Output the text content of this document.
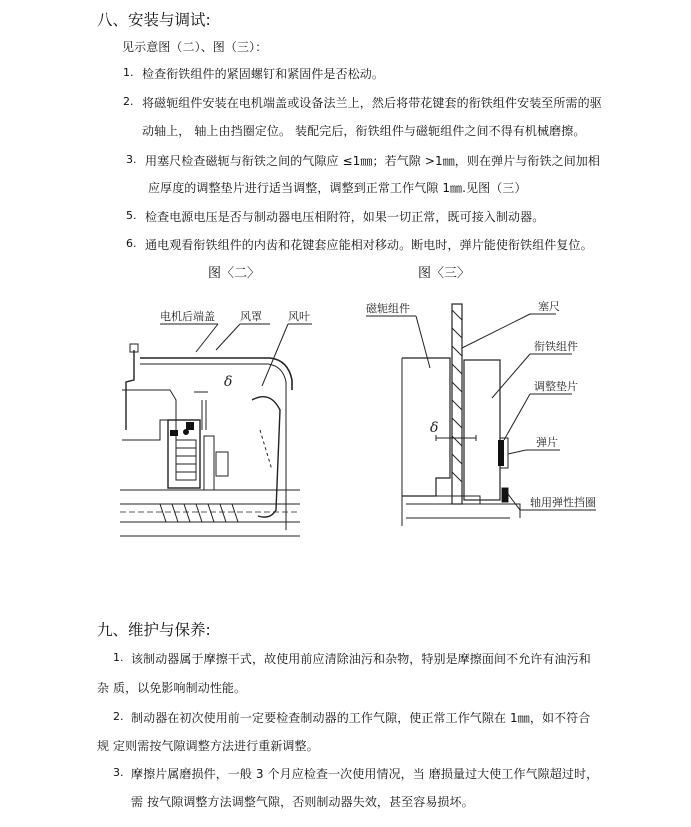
八、安装与调试:
见示意图（二）、图（三）：
1. 检查衔铁组件的紧固螺钉和紧固件是否松动。
2. 将磁轭组件安装在电机端盖或设备法兰上，然后将带花键套的衔铁组件安装至所需的驱
动轴上， 轴上由挡圈定位。 装配完后，衔铁组件与磁轭组件之间不得有机械磨擦。
3. 用塞尺检查磁轭与衔铁之间的气隙应 ≤1㎜；若气隙 >1㎜，则在弹片与衔铁之间加相
应厚度的调整垫片进行适当调整，调整到正常工作气隙 1㎜.见图（三）
5. 检查电源电压是否与制动器电压相附符，如果一切正常，既可接入制动器。
6. 通电观看衔铁组件的内齿和花键套应能相对移动。断电时，弹片能使衔铁组件复位。
图〈二〉	图〈三〉
电机后端盖 风罩 风叶
δ
磁轭组件	塞尺
衔铁组件
调整垫片
弹片
轴用弹性挡圈
δ
九、维护与保养:
1. 该制动器属于摩擦干式，故使用前应清除油污和杂物，特别是摩擦面间不允许有油污和
杂 质，以免影响制动性能。
2. 制动器在初次使用前一定要检查制动器的工作气隙，使正常工作气隙在 1㎜，如不符合
规 定则需按气隙调整方法进行重新调整。
3. 摩擦片属磨损件，一般 3 个月应检查一次使用情况，当 磨损量过大使工作气隙超过时，
需 按气隙调整方法调整气隙，否则制动器失效，甚至容易损坏。
